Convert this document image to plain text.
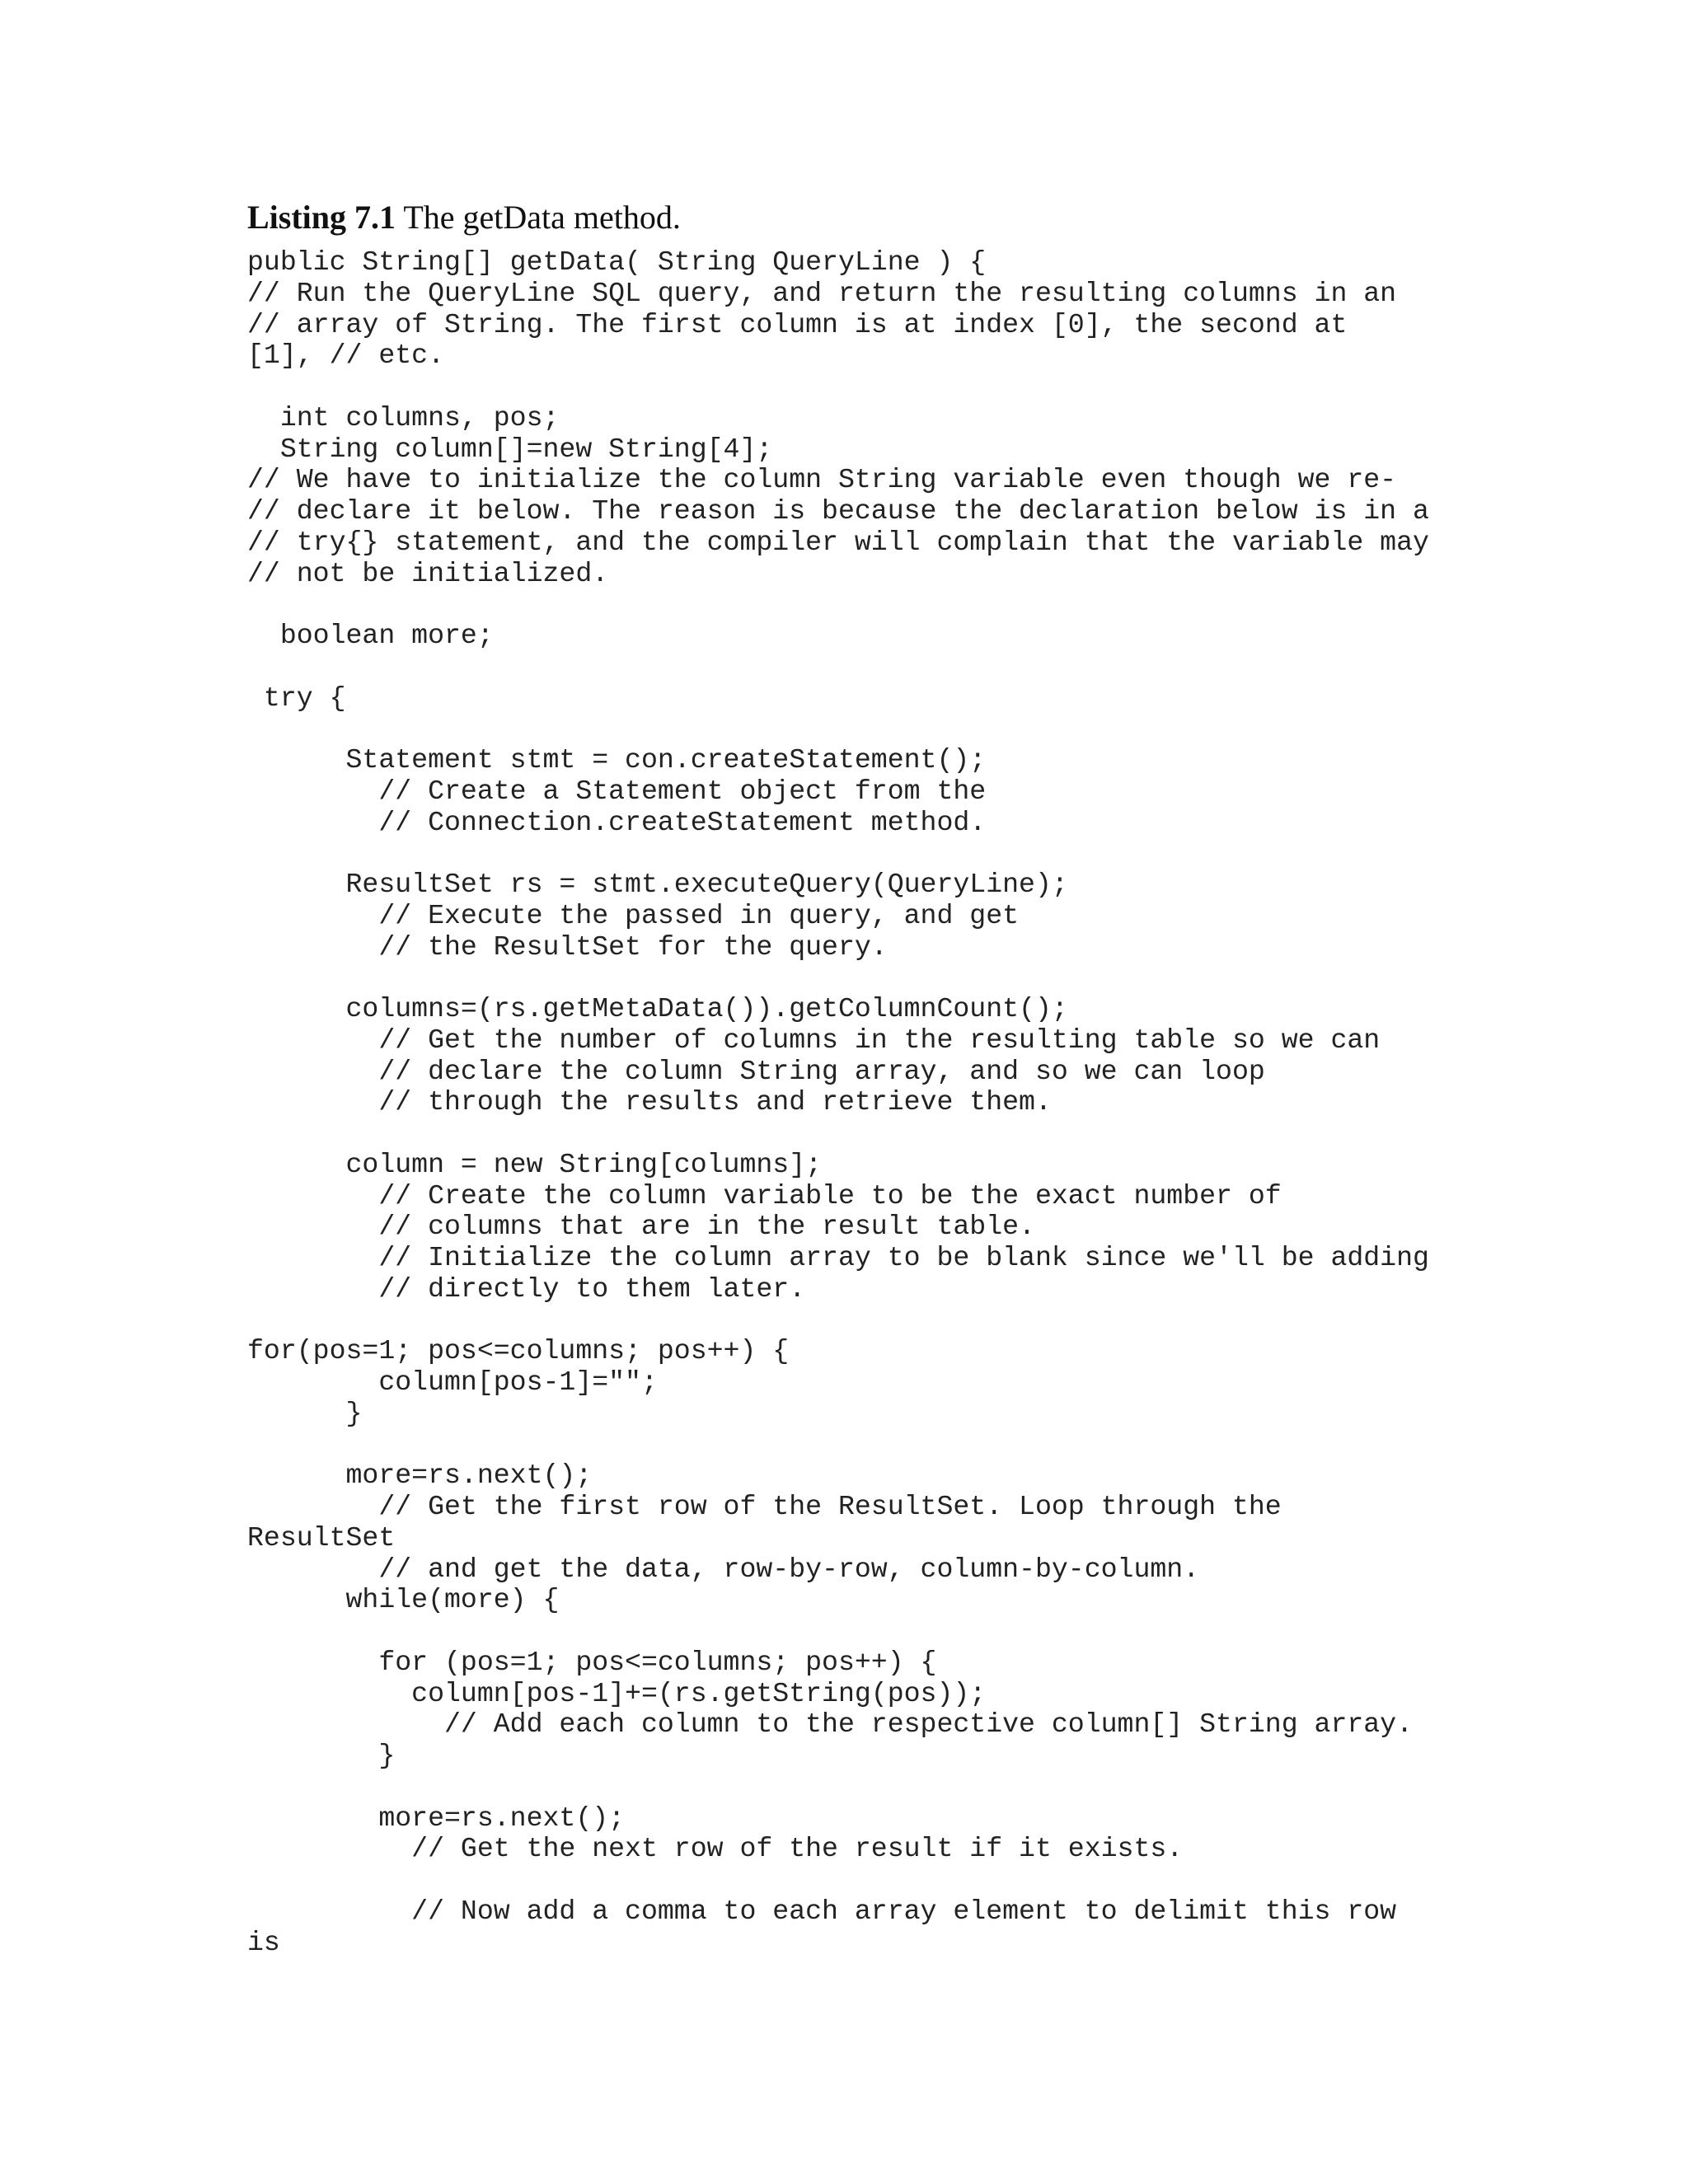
Listing 7.1 The getData method.
public String[] getData( String QueryLine ) {
// Run the QueryLine SQL query, and return the resulting columns in an
// array of String. The first column is at index [0], the second at
[1], // etc.
int columns, pos;
String column[]=new String[4];
// We have to initialize the column String variable even though we re-
// declare it below. The reason is because the declaration below is in a
// try{} statement, and the compiler will complain that the variable may
// not be initialized.
boolean more;
try {
Statement stmt = con.createStatement();
// Create a Statement object from the
// Connection.createStatement method.
ResultSet rs = stmt.executeQuery(QueryLine);
// Execute the passed in query, and get
// the ResultSet for the query.
columns=(rs.getMetaData()).getColumnCount();
// Get the number of columns in the resulting table so we can
// declare the column String array, and so we can loop
// through the results and retrieve them.
column = new String[columns];
// Create the column variable to be the exact number of
// columns that are in the result table.
// Initialize the column array to be blank since we'll be adding
// directly to them later.
for(pos=1; pos<=columns; pos++) {
column[pos-1]="";
}
more=rs.next();
// Get the first row of the ResultSet. Loop through the
ResultSet
// and get the data, row-by-row, column-by-column.
while(more) {
for (pos=1; pos<=columns; pos++) {
column[pos-1]+=(rs.getString(pos));
// Add each column to the respective column[] String array.
}
more=rs.next();
// Get the next row of the result if it exists.
// Now add a comma to each array element to delimit this row
is
